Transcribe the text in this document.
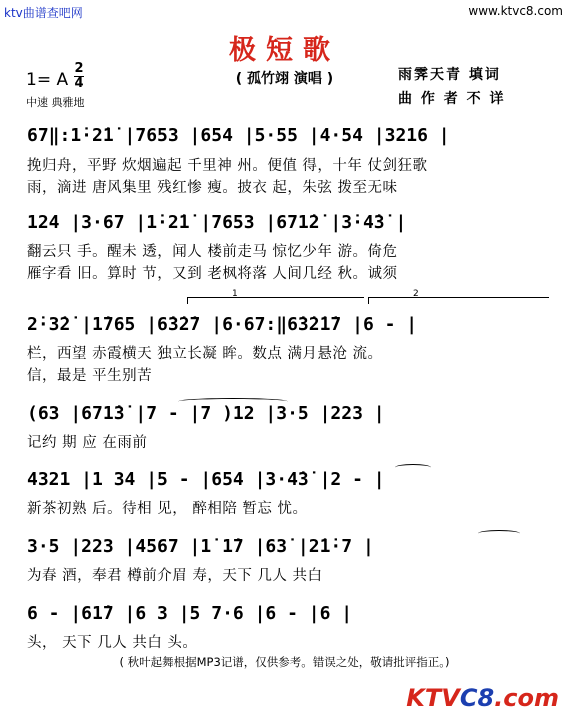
ktv曲谱查吧网	www.ktvc8.com
极短歌
( 孤竹翊 演唱 )	雨霁天青 填词
曲 作 者 不 详
1= A
2
4
中速 典雅地
67‖:1̇·2̇1̇ |7653 |654 |5·55 |4·54 |3216 |
挽归舟，平野 炊烟遍起 千里神 州。便值 得，十年 仗剑狂歌
雨，滴进 唐风集里 残红惨 瘦。披衣 起，朱弦 拨至无味
124 |3·67 |1̇·2̇1̇ |7653 |671̇2̇ |3̇·4̇3̇ |
翻云只 手。醒未 透，闻人 楼前走马 惊忆少年 游。倚危
雁字看 旧。算时 节，又到 老枫将落 人间几经 秋。诚须
1	2
2̇·3̇2̇ |1̇765 |6̇3̇2̇7 |6·67:‖6̇3̇2̇1̇7 |6 - |
栏，西望 赤霞横天 独立长凝 眸。数点 满月悬沧 流。
信，最是 平生别苦
(63 |671̇3̇ |7 - |7 )12 |3·5 |223 |
记约 期 应 在雨前
4321 |1 34 |5 - |654 |3·4̇3̇ |2 - |
新茶初熟 后。待相 见， 醉相陪 暂忘 忧。
3·5 |223 |4567 |1̇ 1̇7 |63̇ |2̇1̇·7 |
为春 酒，奉君 樽前介眉 寿，天下 几人 共白
6 - |61̇7 |6 3 |5 7·6 |6 - |6 |
头， 天下 几人 共白 头。
( 秋叶起舞根据MP3记谱，仅供参考。错误之处，敬请批评指正。)
KTVC8.com
